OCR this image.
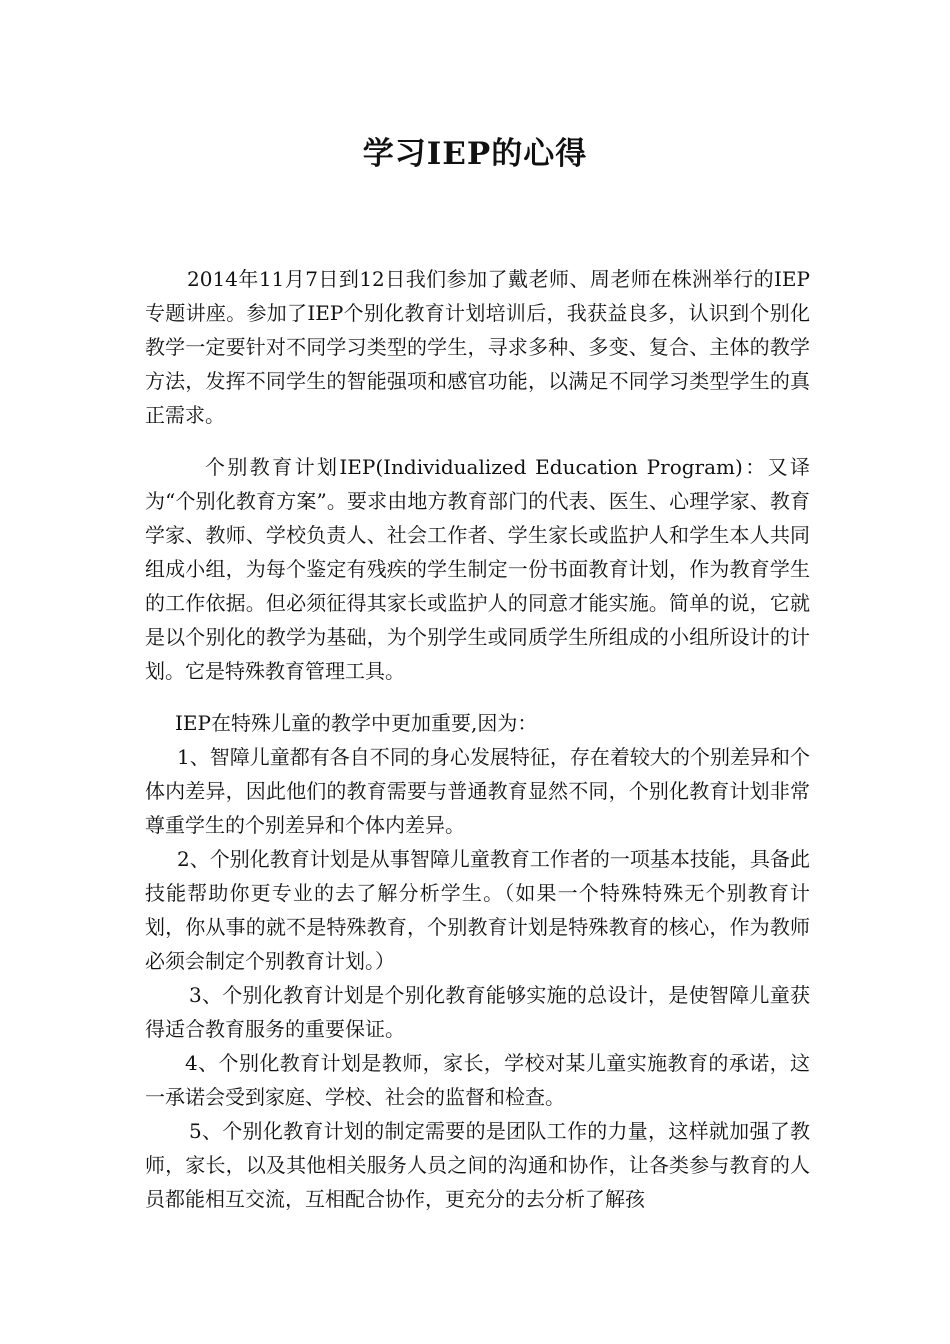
学习IEP的心得

2014年11月7日到12日我们参加了戴老师、周老师在株洲举行的IEP专题讲座。参加了IEP个别化教育计划培训后，我获益良多，认识到个别化教学一定要针对不同学习类型的学生，寻求多种、多变、复合、主体的教学方法，发挥不同学生的智能强项和感官功能，以满足不同学习类型学生的真正需求。

个别教育计划IEP(Individualized Education Program)：又译为“个别化教育方案”。要求由地方教育部门的代表、医生、心理学家、教育学家、教师、学校负责人、社会工作者、学生家长或监护人和学生本人共同组成小组，为每个鉴定有残疾的学生制定一份书面教育计划，作为教育学生的工作依据。但必须征得其家长或监护人的同意才能实施。简单的说，它就是以个别化的教学为基础，为个别学生或同质学生所组成的小组所设计的计划。它是特殊教育管理工具。

IEP在特殊儿童的教学中更加重要,因为：

1、智障儿童都有各自不同的身心发展特征，存在着较大的个别差异和个体内差异，因此他们的教育需要与普通教育显然不同，个别化教育计划非常尊重学生的个别差异和个体内差异。

2、个别化教育计划是从事智障儿童教育工作者的一项基本技能，具备此技能帮助你更专业的去了解分析学生。（如果一个特殊特殊无个别教育计划，你从事的就不是特殊教育，个别教育计划是特殊教育的核心，作为教师必须会制定个别教育计划。）

3、个别化教育计划是个别化教育能够实施的总设计，是使智障儿童获得适合教育服务的重要保证。

4、个别化教育计划是教师，家长，学校对某儿童实施教育的承诺，这一承诺会受到家庭、学校、社会的监督和检查。

5、个别化教育计划的制定需要的是团队工作的力量，这样就加强了教师，家长，以及其他相关服务人员之间的沟通和协作，让各类参与教育的人员都能相互交流，互相配合协作，更充分的去分析了解孩
